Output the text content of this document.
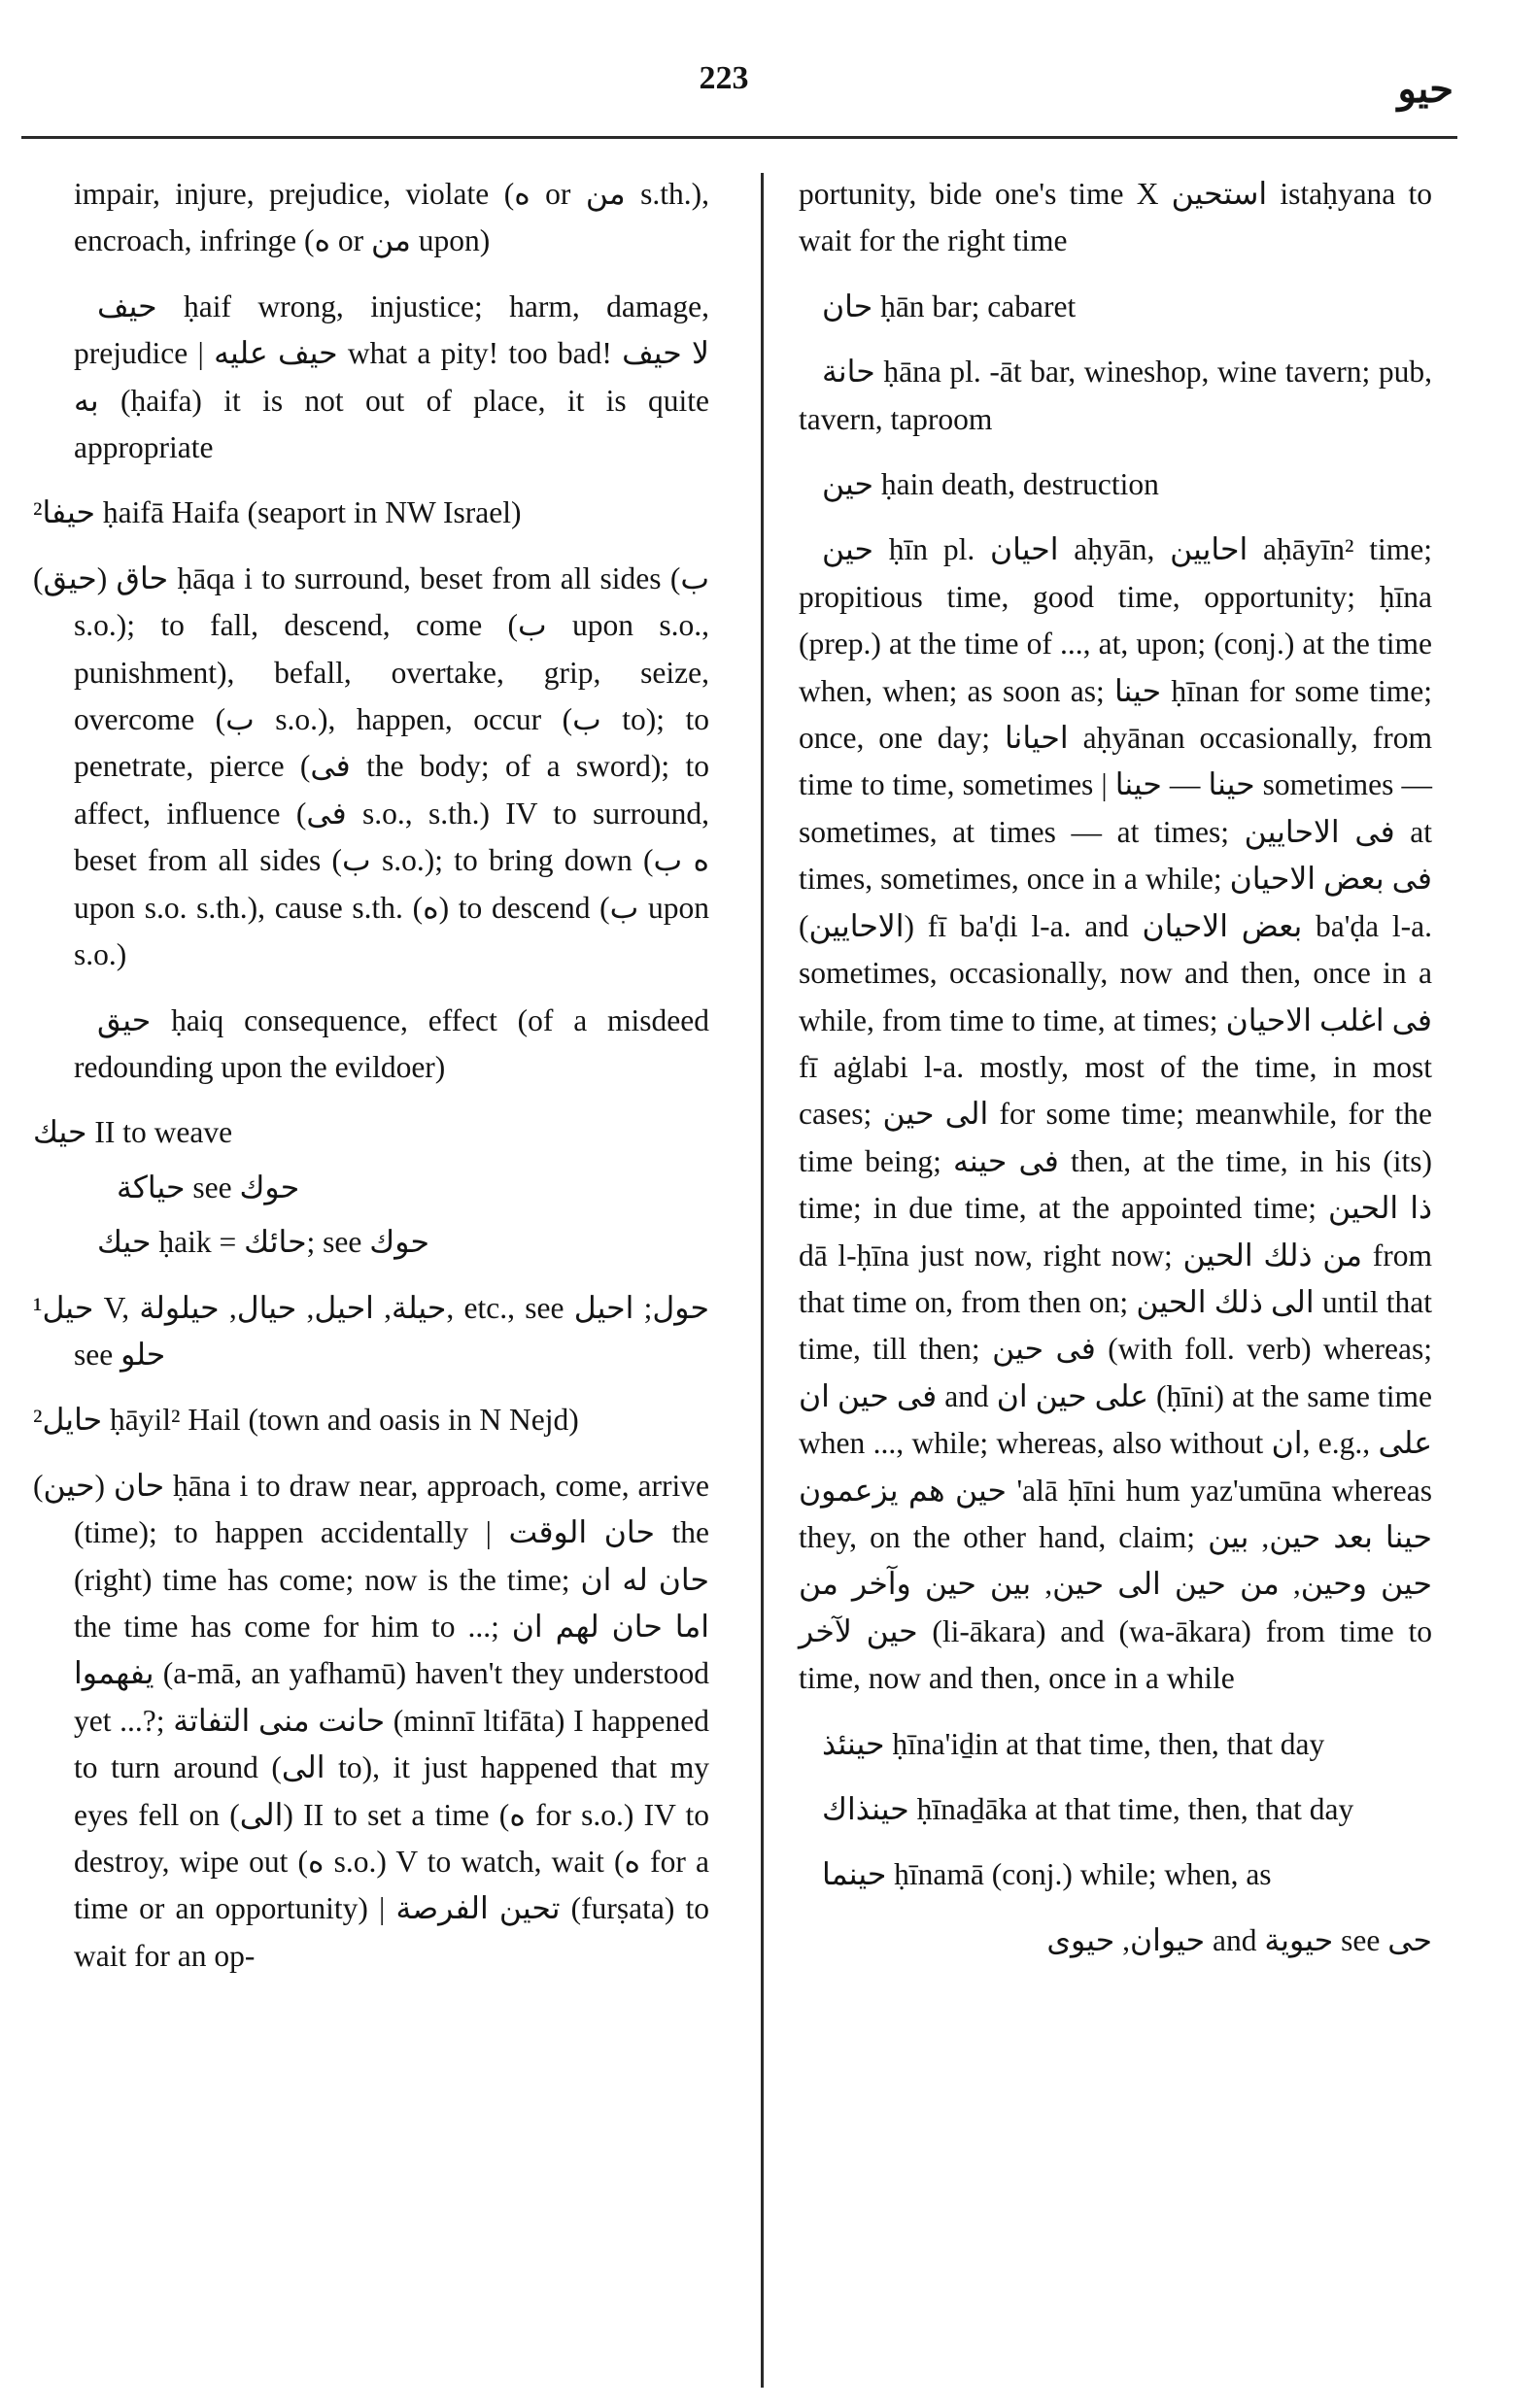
223	حيو
impair, injure, prejudice, violate (ه or من s.th.), encroach, infringe (ه or من upon)
حيف ḥaif wrong, injustice; harm, damage, prejudice | حيف عليه what a pity! too bad! لا حيف به (ḥaifa) it is not out of place, it is quite appropriate
²حيفا ḥaifā Haifa (seaport in NW Israel)
(حيق) حاق ḥāqa i to surround, beset from all sides (ب s.o.); to fall, descend, come (ب upon s.o., punishment), befall, overtake, grip, seize, overcome (ب s.o.), happen, occur (ب to); to penetrate, pierce (فى the body; of a sword); to affect, influence (فى s.o., s.th.) IV to surround, beset from all sides (ب s.o.); to bring down (ه ب upon s.o. s.th.), cause s.th. (ه) to descend (ب upon s.o.)
حيق ḥaiq consequence, effect (of a misdeed redounding upon the evildoer)
حيك II to weave
حياكة see حوك
حيك ḥaik = حائك; see حوك
¹حيل V, حيلة, احيل, حيال, حيلولة, etc., see حول; احيل see حلو
²حايل ḥāyil² Hail (town and oasis in N Nejd)
(حين) حان ḥāna i to draw near, approach, come, arrive (time); to happen accidentally | حان الوقت the (right) time has come; now is the time; حان له ان the time has come for him to ...; اما حان لهم ان يفهموا (a-mā, an yafhamū) haven't they understood yet ...?; حانت منى التفاتة (minnī ltifāta) I happened to turn around (الى to), it just happened that my eyes fell on (الى) II to set a time (ه for s.o.) IV to destroy, wipe out (ه s.o.) V to watch, wait (ه for a time or an opportunity) | تحين الفرصة (furṣata) to wait for an op-
portunity, bide one's time X استحين istaḥyana to wait for the right time
حان ḥān bar; cabaret
حانة ḥāna pl. -āt bar, wineshop, wine tavern; pub, tavern, taproom
حين ḥain death, destruction
حين ḥīn pl. احيان aḥyān, احايين aḥāyīn² time; propitious time, good time, opportunity; ḥīna (prep.) at the time of ..., at, upon; (conj.) at the time when, when; as soon as; حينا ḥīnan for some time; once, one day; احيانا aḥyānan occasionally, from time to time, sometimes | حينا — حينا sometimes — sometimes, at times — at times; فى الاحايين at times, sometimes, once in a while; فى بعض الاحيان (الاحايين) fī ba'ḍi l-a. and بعض الاحيان ba'ḍa l-a. sometimes, occasionally, now and then, once in a while, from time to time, at times; فى اغلب الاحيان fī aġlabi l-a. mostly, most of the time, in most cases; الى حين for some time; meanwhile, for the time being; فى حينه then, at the time, in his (its) time; in due time, at the appointed time; ذا الحين dā l-ḥīna just now, right now; من ذلك الحين from that time on, from then on; الى ذلك الحين until that time, till then; فى حين (with foll. verb) whereas; فى حين ان and على حين ان (ḥīni) at the same time when ..., while; whereas, also without ان, e.g., على حين هم يزعمون 'alā ḥīni hum yaz'umūna whereas they, on the other hand, claim; حينا بعد حين, بين حين وحين, من حين الى حين, بين حين وآخر من حين لآخر (li-ākara) and (wa-ākara) from time to time, now and then, once in a while
حينئذ ḥīna'iḏin at that time, then, that day
حينذاك ḥīnaḏāka at that time, then, that day
حينما ḥīnamā (conj.) while; when, as
حيوان, حيوى and حيوية see حى
